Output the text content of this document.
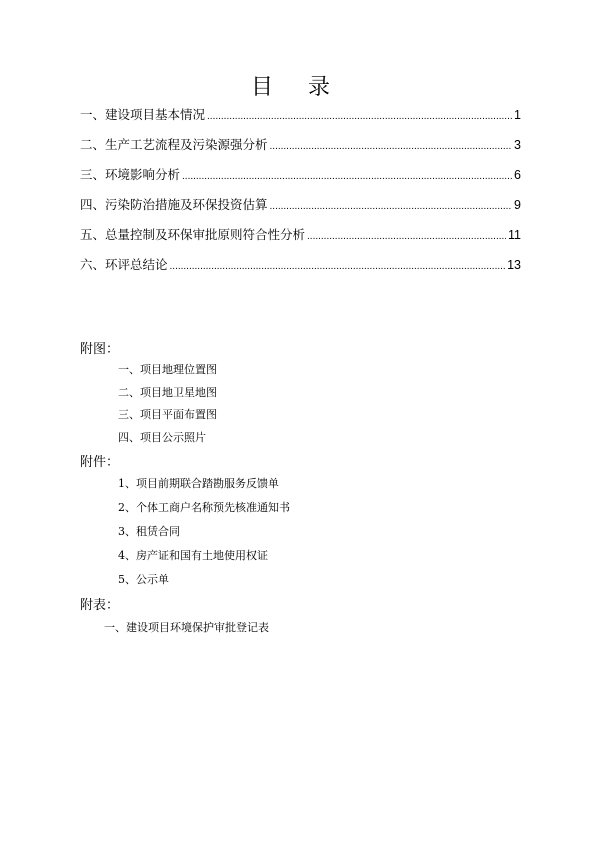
目 录
一、建设项目基本情况 .....	1
二、生产工艺流程及污染源强分析 .....	3
三、环境影响分析 .....	6
四、污染防治措施及环保投资估算 .....	9
五、总量控制及环保审批原则符合性分析 .....	11
六、环评总结论 .....	13
附图：
一、项目地理位置图
二、项目地卫星地图
三、项目平面布置图
四、项目公示照片
附件：
1、项目前期联合踏勘服务反馈单
2、个体工商户名称预先核准通知书
3、租赁合同
4、房产证和国有土地使用权证
5、公示单
附表：
一、建设项目环境保护审批登记表
